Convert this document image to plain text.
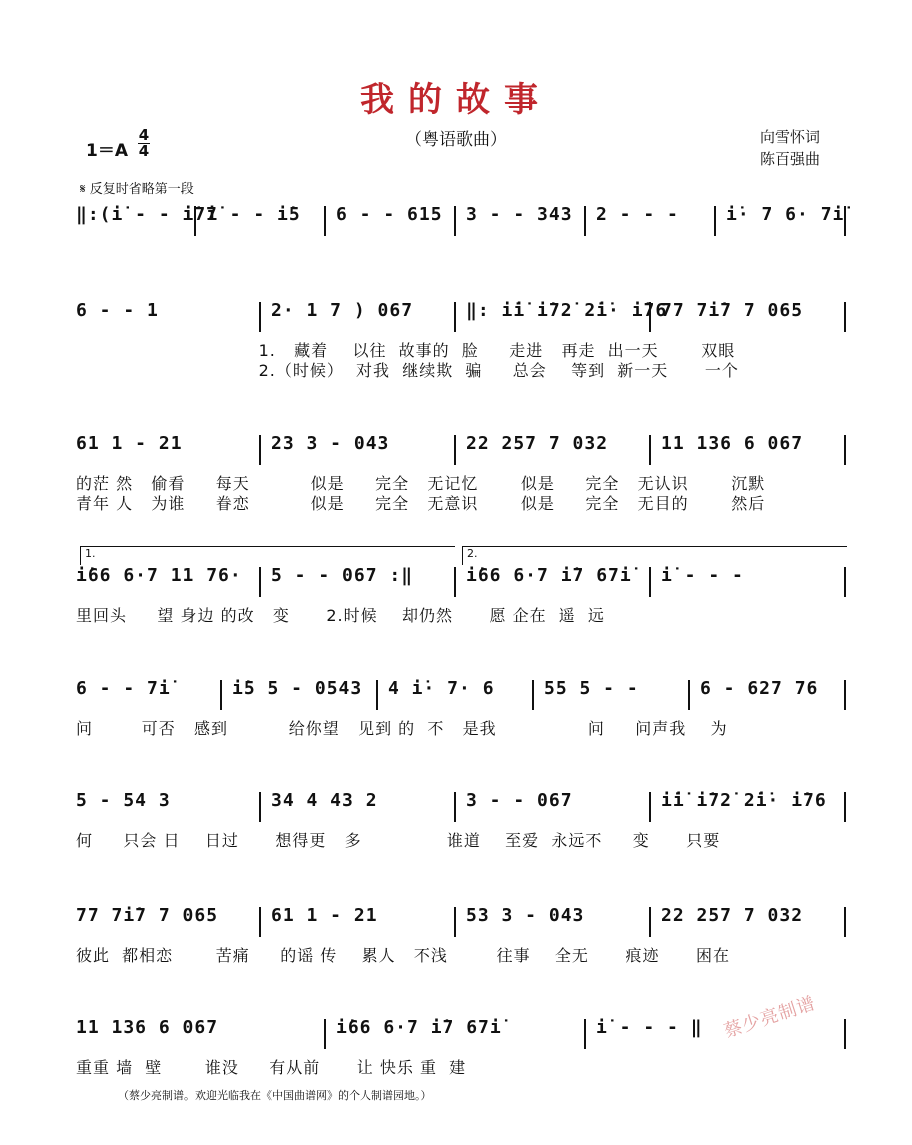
我的故事
（粤语歌曲）
1＝A
4
4
向雪怀词
陈百强曲
𝄋 反复时省略第一段
‖:(i̇ - - i̇7i̇
7 - - i̇5 6 - - 615 3 - - 343 2 - - -	i̇· 7 6· 7i̇
6 - - 1	2· 1 7 ) 067	‖: i̇i̇ i̇72̇ 2̇i̇· i̇76
77 7i̇7 7 065
1.   藏着    以往  故事的  脸     走进   再走  出一天       双眼
2.（时候）  对我  继续欺  骗     总会    等到  新一天      一个
61 1 - 21	23 3 - 043	22 257 7 032	11 136 6 067
的茫 然   偷看     每天          似是     完全   无记忆       似是     完全   无认识       沉默
青年 人   为谁     眷恋          似是     完全   无意识       似是     完全   无目的       然后
i̇66 6·7 11 76· 5 - - 067 :‖	i̇66 6·7 i̇7 67i̇ i̇ - - -
里回头     望 身边 的改   变      2.时候    却仍然      愿 企在  遥  远
6 - - 7i̇	i̇5 5 - 0543 4 i̇· 7· 6	55 5 - -	6 - 627 76
问        可否   感到          给你望   见到 的  不   是我               问     问声我    为
5 - 54 3	34 4 43 2	3 - - 067	i̇i̇ i̇72̇ 2̇i̇· i̇76
何     只会 日    日过      想得更   多              谁道    至爱  永远不     变      只要
77 7i̇7 7 065	61 1 - 21	53 3 - 043	22 257 7 032
彼此  都相恋       苦痛     的谣 传    累人   不浅        往事    全无      痕迹      困在
11 136 6 067	i̇66 6·7 i̇7 67i̇	i̇ - - - ‖
重重 墙  壁       谁没     有从前      让 快乐 重  建
1.	2.
（蔡少亮制谱。欢迎光临我在《中国曲谱网》的个人制谱园地。）
蔡少亮制谱
